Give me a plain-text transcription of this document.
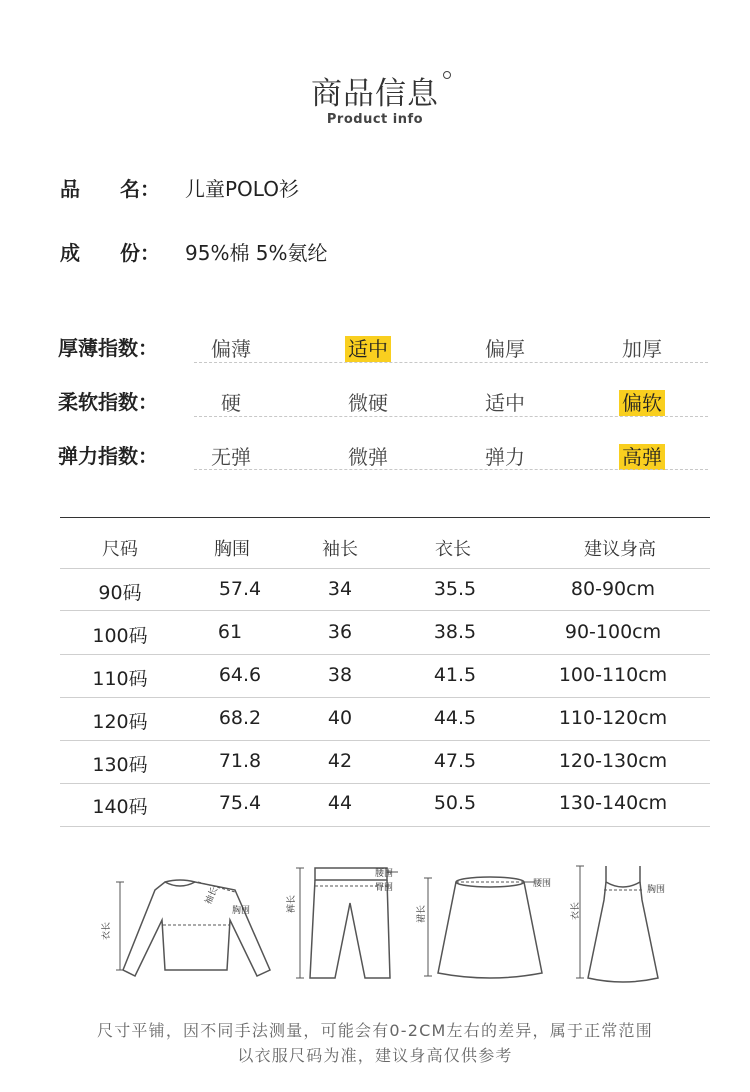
商品信息
Product info
品 名： 儿童POLO衫
成 份： 95%棉 5%氨纶
厚薄指数：	偏薄	适中	偏厚	加厚
柔软指数：	硬	微硬	适中	偏软
弹力指数：	无弹	微弹	弹力	高弹
尺码	胸围	袖长	衣长	建议身高
90码	57.4	34	35.5	80-90cm
100码	61	36	38.5	90-100cm
110码	64.6	38	41.5	100-110cm
120码	68.2	40	44.5	110-120cm
130码	71.8	42	47.5	120-130cm
140码	75.4	44	50.5	130-140cm
衣长
袖长
胸围	裤长
腰围
臀围
裙长
腰围
衣长
胸围
尺寸平铺，因不同手法测量，可能会有0-2CM左右的差异，属于正常范围
以衣服尺码为准，建议身高仅供参考
